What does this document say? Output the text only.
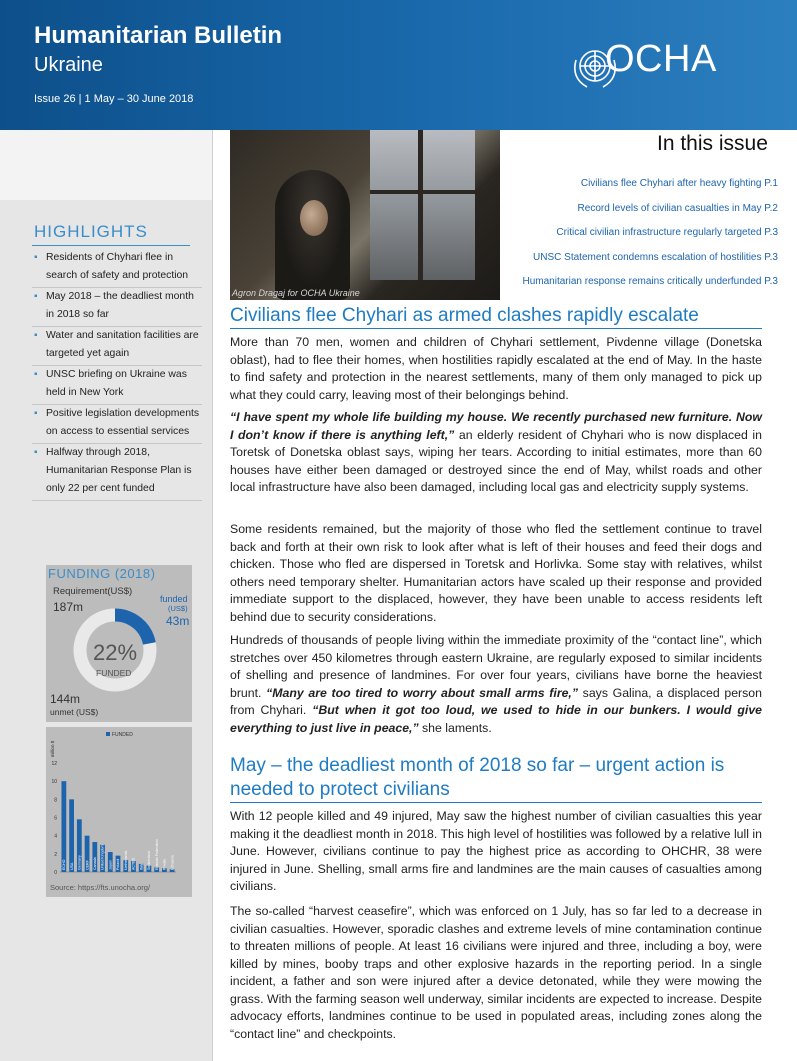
Humanitarian Bulletin
Ukraine
Issue 26 | 1 May – 30 June 2018
OCHA
HIGHLIGHTS
▪ Residents of Chyhari flee in search of safety and protection
▪ May 2018 – the deadliest month in 2018 so far
▪ Water and sanitation facilities are targeted yet again
▪ UNSC briefing on Ukraine was held in New York
▪ Positive legislation developments on access to essential services
▪ Halfway through 2018, Humanitarian Response Plan is only 22 per cent funded
FUNDING (2018)
Requirement(US$)
187m
funded
(US$)
43m
22%
FUNDED
144m
unmet (US$)
FUNDED
million $
0
2
4
6
8
10
12
ECHO USA Germany CERF Canada United Kingdom Japan Poland Netherlands ACTED Italy Switzerland Russian Federation Private Lithuania
Source: https://fts.unocha.org/
Agron Dragaj for OCHA Ukraine
In this issue
Civilians flee Chyhari after heavy fighting P.1
Record levels of civilian casualties in May P.2
Critical civilian infrastructure regularly targeted P.3
UNSC Statement condemns escalation of hostilities P.3
Humanitarian response remains critically underfunded P.3
Civilians flee Chyhari as armed clashes rapidly escalate
More than 70 men, women and children of Chyhari settlement, Pivdenne village (Donetska oblast), had to flee their homes, when hostilities rapidly escalated at the end of May. In the haste to find safety and protection in the nearest settlements, many of them only managed to pick up what they could carry, leaving most of their belongings behind.
“I have spent my whole life building my house. We recently purchased new furniture. Now I don’t know if there is anything left,” an elderly resident of Chyhari who is now displaced in Toretsk of Donetska oblast says, wiping her tears. According to initial estimates, more than 60 houses have either been damaged or destroyed since the end of May, whilst roads and other local infrastructure have also been damaged, including local gas and electricity supply systems.
Some residents remained, but the majority of those who fled the settlement continue to travel back and forth at their own risk to look after what is left of their houses and feed their dogs and chicken. Those who fled are dispersed in Toretsk and Horlivka. Some stay with relatives, whilst others need temporary shelter. Humanitarian actors have scaled up their response and provided immediate support to the displaced, however, they have been unable to access residents left behind due to security considerations.
Hundreds of thousands of people living within the immediate proximity of the “contact line”, which stretches over 450 kilometres through eastern Ukraine, are regularly exposed to similar incidents of shelling and presence of landmines. For over four years, civilians have borne the heaviest brunt. “Many are too tired to worry about small arms fire,” says Galina, a displaced person from Chyhari. “But when it got too loud, we used to hide in our bunkers. I would give everything to just live in peace,” she laments.
May – the deadliest month of 2018 so far – urgent action is needed to protect civilians
With 12 people killed and 49 injured, May saw the highest number of civilian casualties this year making it the deadliest month in 2018. This high level of hostilities was followed by a relative lull in June. However, civilians continue to pay the highest price as according to OHCHR, 38 were injured in June. Shelling, small arms fire and landmines are the main causes of casualties among civilians.
The so-called “harvest ceasefire”, which was enforced on 1 July, has so far led to a decrease in civilian casualties. However, sporadic clashes and extreme levels of mine contamination continue to threaten millions of people. At least 16 civilians were injured and three, including a boy, were killed by mines, booby traps and other explosive hazards in the reporting period. In a single incident, a father and son were injured after a device detonated, while they were mowing the grass. With the farming season well underway, similar incidents are expected to increase. Despite advocacy efforts, landmines continue to be used in populated areas, including zones along the “contact line” and checkpoints.
